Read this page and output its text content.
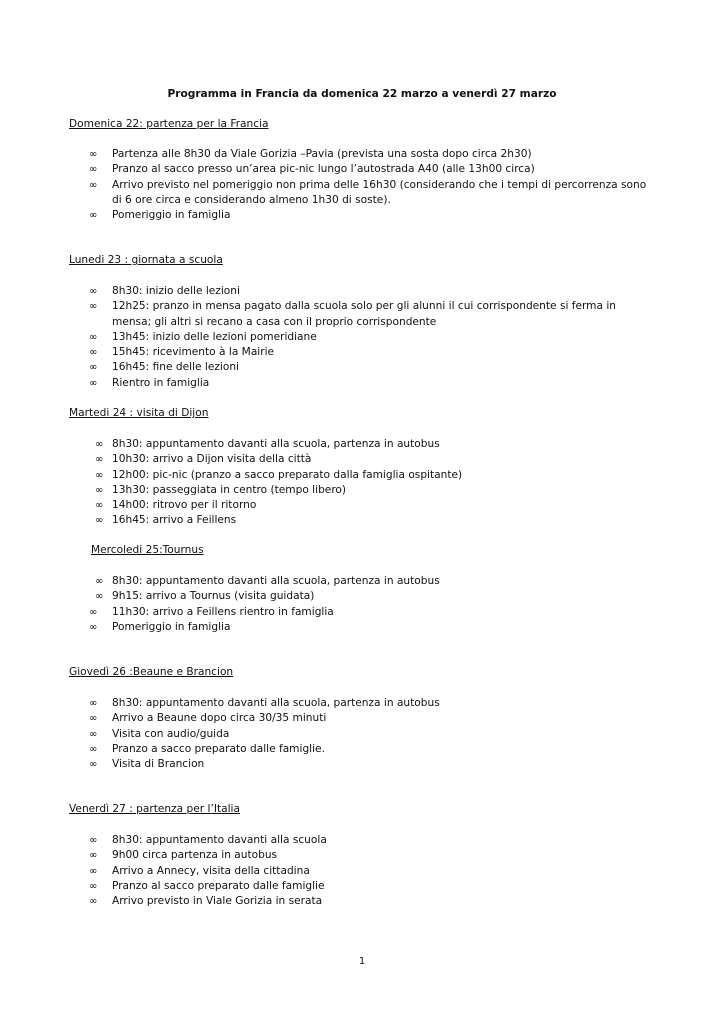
Programma in Francia da domenica 22 marzo a venerdì 27 marzo
Domenica 22: partenza per la Francia
∞ Partenza alle 8h30 da Viale Gorizia –Pavia (prevista una sosta dopo circa 2h30)
∞ Pranzo al sacco presso un’area pic-nic lungo l’autostrada A40 (alle 13h00 circa)
∞ Arrivo previsto nel pomeriggio non prima delle 16h30 (considerando che i tempi di percorrenza sono di 6 ore circa e considerando almeno 1h30 di soste).
∞ Pomeriggio in famiglia
Lunedi 23 : giornata a scuola
∞ 8h30: inizio delle lezioni
∞ 12h25: pranzo in mensa pagato dalla scuola solo per gli alunni il cui corrispondente si ferma in mensa; gli altri si recano a casa con il proprio corrispondente
∞ 13h45: inizio delle lezioni pomeridiane
∞ 15h45: ricevimento à la Mairie
∞ 16h45: fine delle lezioni
∞ Rientro in famiglia
Martedi 24 : visita di Dijon
∞ 8h30: appuntamento davanti alla scuola, partenza in autobus
∞ 10h30: arrivo a Dijon visita della città
∞ 12h00: pic-nic (pranzo a sacco preparato dalla famiglia ospitante)
∞ 13h30: passeggiata in centro (tempo libero)
∞ 14h00: ritrovo per il ritorno
∞ 16h45: arrivo a Feillens
Mercoledi 25:Tournus
∞ 8h30: appuntamento davanti alla scuola, partenza in autobus
∞ 9h15: arrivo a Tournus (visita guidata)
∞ 11h30: arrivo a Feillens rientro in famiglia
∞ Pomeriggio in famiglia
Giovedì 26 :Beaune e Brancion
∞ 8h30: appuntamento davanti alla scuola, partenza in autobus
∞ Arrivo a Beaune dopo circa 30/35 minuti
∞ Visita con audio/guida
∞ Pranzo a sacco preparato dalle famiglie.
∞ Visita di Brancion
Venerdì 27 : partenza per l’Italia
∞ 8h30: appuntamento davanti alla scuola
∞ 9h00 circa partenza in autobus
∞ Arrivo a Annecy, visita della cittadina
∞ Pranzo al sacco preparato dalle famiglie
∞ Arrivo previsto in Viale Gorizia in serata
1
